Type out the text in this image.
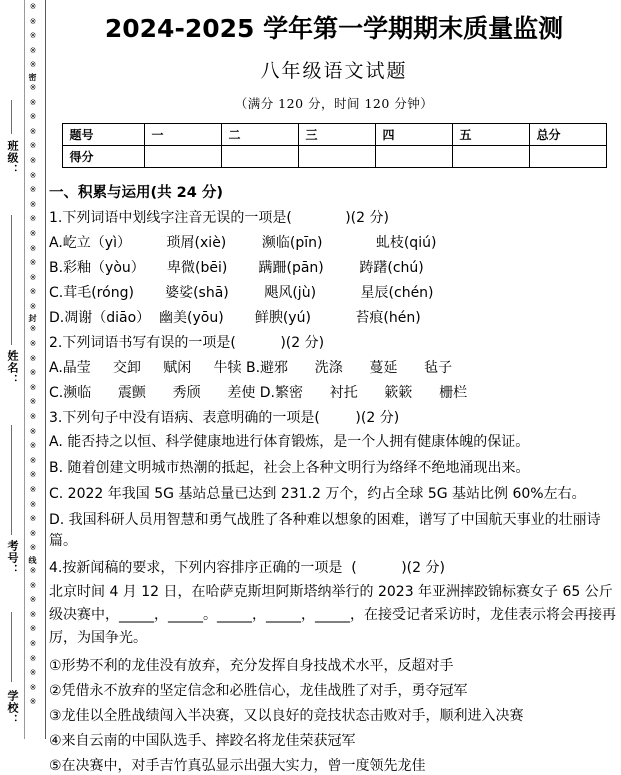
班级：
姓名：
考号：
学校：
※
※
※
※
※
密
※
※
※
※
※
※
※
※
※
※
※
※
※
※
※
※
封
※
※
※
※
※
※
※
※
※
※
※
※
※
※
※
※
线
※
※
※
※
※
※
※
※
※
※
2024-2025 学年第一学期期末质量监测
八年级语文试题
（满分 120 分，时间 120 分钟）
题号	一	二	三	四	五	总分
得分						
一、积累与运用(共 24 分)
1.下列词语中划线字注音无误的一项是(            )(2 分)
A.屹立（yì）        琐屑(xiè)        濒临(pīn)            虬枝(qiú)
B.彩釉（yòu）     卑微(bēi)       蹒跚(pān)        踌躇(chú)
C.茸毛(róng)       婆娑(shā)        飓风(jù)          星辰(chén)
D.凋谢（diāo）  幽美(yōu)       鲜腴(yú)          苔痕(hén)
2.下列词语书写有误的一项是(          )(2 分)
A.晶莹     交卸     赋闲     牛犊 B.避邪      洗涤      蔓延      毡子
C.濒临      震颤      秀颀      差使 D.繁密      衬托      簌簌      栅栏
3.下列句子中没有语病、表意明确的一项是(        )(2 分)
A. 能否持之以恒、科学健康地进行体育锻炼，是一个人拥有健康体魄的保证。
B. 随着创建文明城市热潮的抵起，社会上各种文明行为络绎不绝地涌现出来。
C. 2022 年我国 5G 基站总量已达到 231.2 万个，约占全球 5G 基站比例 60%左右。
D. 我国科研人员用智慧和勇气战胜了各种难以想象的困难，谱写了中国航天事业的壮丽诗篇。
4.按新闻稿的要求，下列内容排序正确的一项是  (          )(2 分)
北京时间 4 月 12 日，在哈萨克斯坦阿斯塔纳举行的 2023 年亚洲摔跤锦标赛女子 65 公斤级决赛中，_____，_____。_____，_____，_____，在接受记者采访时，龙佳表示将会再接再厉，为国争光。
①形势不利的龙佳没有放弃，充分发挥自身技战术水平，反超对手
②凭借永不放弃的坚定信念和必胜信心，龙佳战胜了对手，勇夺冠军
③龙佳以全胜战绩闯入半决赛，又以良好的竞技状态击败对手，顺利进入决赛
④来自云南的中国队选手、摔跤名将龙佳荣获冠军
⑤在决赛中，对手吉竹真弘显示出强大实力，曾一度领先龙佳
